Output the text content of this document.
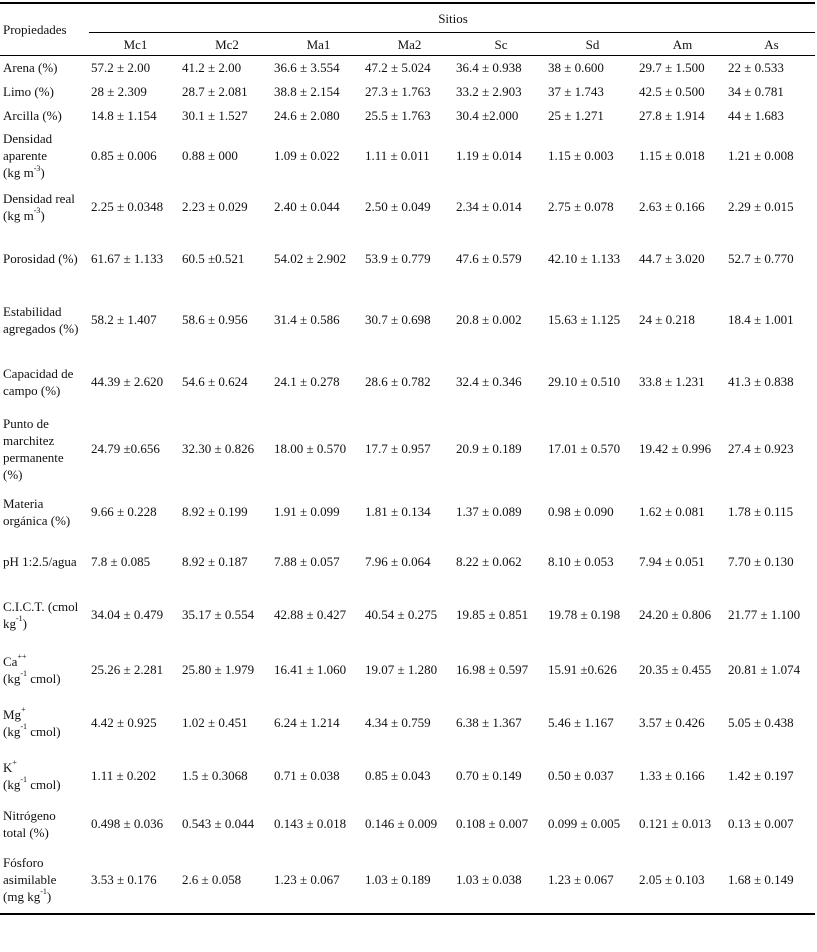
Propiedades	Sitios							
	Mc1	Mc2	Ma1	Ma2	Sc	Sd	Am	As

Arena (%)	57.2 ± 2.00	41.2 ± 2.00	36.6 ± 3.554	47.2 ± 5.024	36.4 ± 0.938	38 ± 0.600	29.7 ± 1.500	22 ± 0.533

Limo (%)	28 ± 2.309	28.7 ± 2.081	38.8 ± 2.154	27.3 ± 1.763	33.2 ± 2.903	37 ± 1.743	42.5 ± 0.500	34 ± 0.781

Arcilla (%)	14.8 ± 1.154	30.1 ± 1.527	24.6 ± 2.080	25.5 ± 1.763	30.4 ±2.000	25 ± 1.271	27.8 ± 1.914	44 ± 1.683

Densidad
aparente
(kg $m^{-3}$)	0.85 ± 0.006	0.88 ± 000	1.09 ± 0.022	1.11 ± 0.011	1.19 ± 0.014	1.15 ± 0.003	1.15 ± 0.018	1.21 ± 0.008

Densidad real
(kg $m^{-3}$)	2.25 ± 0.0348	2.23 ± 0.029	2.40 ± 0.044	2.50 ± 0.049	2.34 ± 0.014	2.75 ± 0.078	2.63 ± 0.166	2.29 ± 0.015

Porosidad (%)	61.67 ± 1.133	60.5 ±0.521	54.02 ± 2.902	53.9 ± 0.779	47.6 ± 0.579	42.10 ± 1.133	44.7 ± 3.020	52.7 ± 0.770

Estabilidad
agregados (%)	58.2 ± 1.407	58.6 ± 0.956	31.4 ± 0.586	30.7 ± 0.698	20.8 ± 0.002	15.63 ± 1.125	24 ± 0.218	18.4 ± 1.001

Capacidad de
campo (%)	44.39 ± 2.620	54.6 ± 0.624	24.1 ± 0.278	28.6 ± 0.782	32.4 ± 0.346	29.10 ± 0.510	33.8 ± 1.231	41.3 ± 0.838

Punto de
marchitez
permanente
(%)	24.79 ±0.656	32.30 ± 0.826	18.00 ± 0.570	17.7 ± 0.957	20.9 ± 0.189	17.01 ± 0.570	19.42 ± 0.996	27.4 ± 0.923

Materia
orgánica (%)	9.66 ± 0.228	8.92 ± 0.199	1.91 ± 0.099	1.81 ± 0.134	1.37 ± 0.089	0.98 ± 0.090	1.62 ± 0.081	1.78 ± 0.115

pH 1:2.5/agua	7.8 ± 0.085	8.92 ± 0.187	7.88 ± 0.057	7.96 ± 0.064	8.22 ± 0.062	8.10 ± 0.053	7.94 ± 0.051	7.70 ± 0.130

C.I.C.T. (cmol
$kg^{-1}$)	34.04 ± 0.479	35.17 ± 0.554	42.88 ± 0.427	40.54 ± 0.275	19.85 ± 0.851	19.78 ± 0.198	24.20 ± 0.806	21.77 ± 1.100

Ca++
($kg^{-1}$ cmol)	25.26 ± 2.281	25.80 ± 1.979	16.41 ± 1.060	19.07 ± 1.280	16.98 ± 0.597	15.91 ±0.626	20.35 ± 0.455	20.81 ± 1.074

Mg+
($kg^{-1}$ cmol)	4.42 ± 0.925	1.02 ± 0.451	6.24 ± 1.214	4.34 ± 0.759	6.38 ± 1.367	5.46 ± 1.167	3.57 ± 0.426	5.05 ± 0.438

K+
($kg^{-1}$ cmol)	1.11 ± 0.202	1.5 ± 0.3068	0.71 ± 0.038	0.85 ± 0.043	0.70 ± 0.149	0.50 ± 0.037	1.33 ± 0.166	1.42 ± 0.197

Nitrógeno
total (%)	0.498 ± 0.036	0.543 ± 0.044	0.143 ± 0.018	0.146 ± 0.009	0.108 ± 0.007	0.099 ± 0.005	0.121 ± 0.013	0.13 ± 0.007

Fósforo
asimilable
(mg $kg^{-1}$)	3.53 ± 0.176	2.6 ± 0.058	1.23 ± 0.067	1.03 ± 0.189	1.03 ± 0.038	1.23 ± 0.067	2.05 ± 0.103	1.68 ± 0.149
